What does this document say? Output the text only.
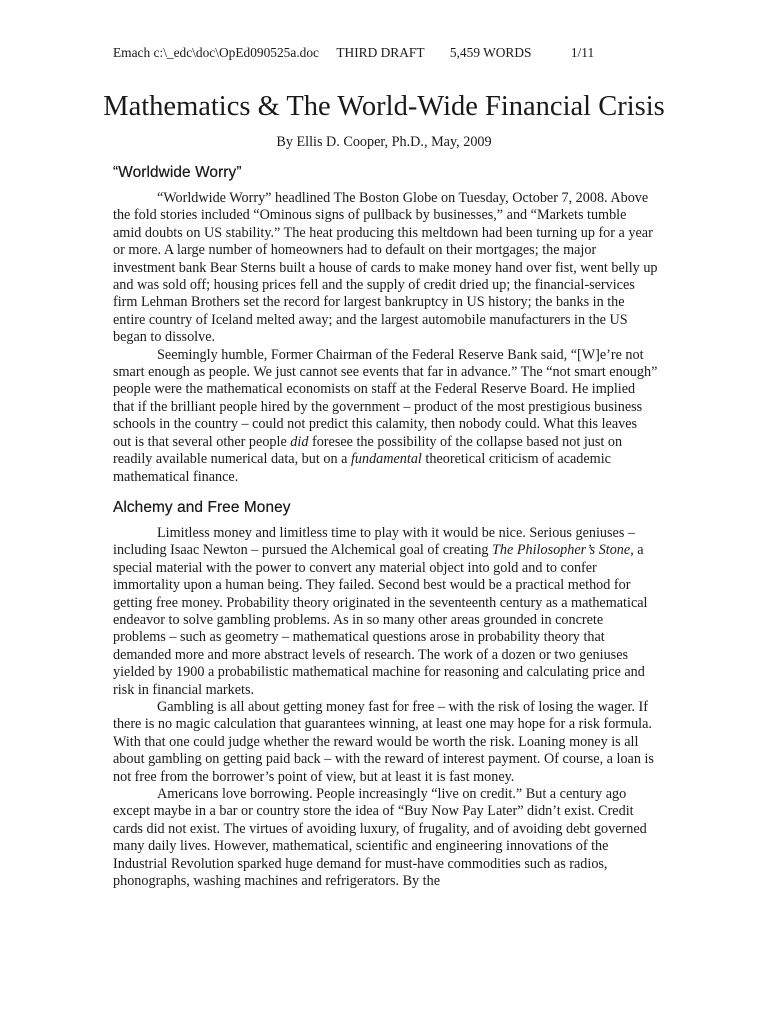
Emach c:\_edc\doc\OpEd090525a.doc THIRD DRAFT 5,459 WORDS	1/11
Mathematics & The World-Wide Financial Crisis
By Ellis D. Cooper, Ph.D., May, 2009
“Worldwide Worry”

“Worldwide Worry” headlined The Boston Globe on Tuesday, October 7, 2008. Above the fold stories included “Ominous signs of pullback by businesses,” and “Markets tumble amid doubts on US stability.” The heat producing this meltdown had been turning up for a year or more. A large number of homeowners had to default on their mortgages; the major investment bank Bear Sterns built a house of cards to make money hand over fist, went belly up and was sold off; housing prices fell and the supply of credit dried up; the financial-services firm Lehman Brothers set the record for largest bankruptcy in US history; the banks in the entire country of Iceland melted away; and the largest automobile manufacturers in the US began to dissolve.

Seemingly humble, Former Chairman of the Federal Reserve Bank said, “[W]e’re not smart enough as people. We just cannot see events that far in advance.” The “not smart enough” people were the mathematical economists on staff at the Federal Reserve Board. He implied that if the brilliant people hired by the government – product of the most prestigious business schools in the country – could not predict this calamity, then nobody could. What this leaves out is that several other people did foresee the possibility of the collapse based not just on readily available numerical data, but on a fundamental theoretical criticism of academic mathematical finance.

Alchemy and Free Money

Limitless money and limitless time to play with it would be nice. Serious geniuses – including Isaac Newton – pursued the Alchemical goal of creating The Philosopher’s Stone, a special material with the power to convert any material object into gold and to confer immortality upon a human being. They failed. Second best would be a practical method for getting free money. Probability theory originated in the seventeenth century as a mathematical endeavor to solve gambling problems. As in so many other areas grounded in concrete problems – such as geometry – mathematical questions arose in probability theory that demanded more and more abstract levels of research. The work of a dozen or two geniuses yielded by 1900 a probabilistic mathematical machine for reasoning and calculating price and risk in financial markets.

Gambling is all about getting money fast for free – with the risk of losing the wager. If there is no magic calculation that guarantees winning, at least one may hope for a risk formula. With that one could judge whether the reward would be worth the risk. Loaning money is all about gambling on getting paid back – with the reward of interest payment. Of course, a loan is not free from the borrower’s point of view, but at least it is fast money.

Americans love borrowing. People increasingly “live on credit.” But a century ago except maybe in a bar or country store the idea of “Buy Now Pay Later” didn’t exist. Credit cards did not exist. The virtues of avoiding luxury, of frugality, and of avoiding debt governed many daily lives. However, mathematical, scientific and engineering innovations of the Industrial Revolution sparked huge demand for must-have commodities such as radios, phonographs, washing machines and refrigerators. By the
